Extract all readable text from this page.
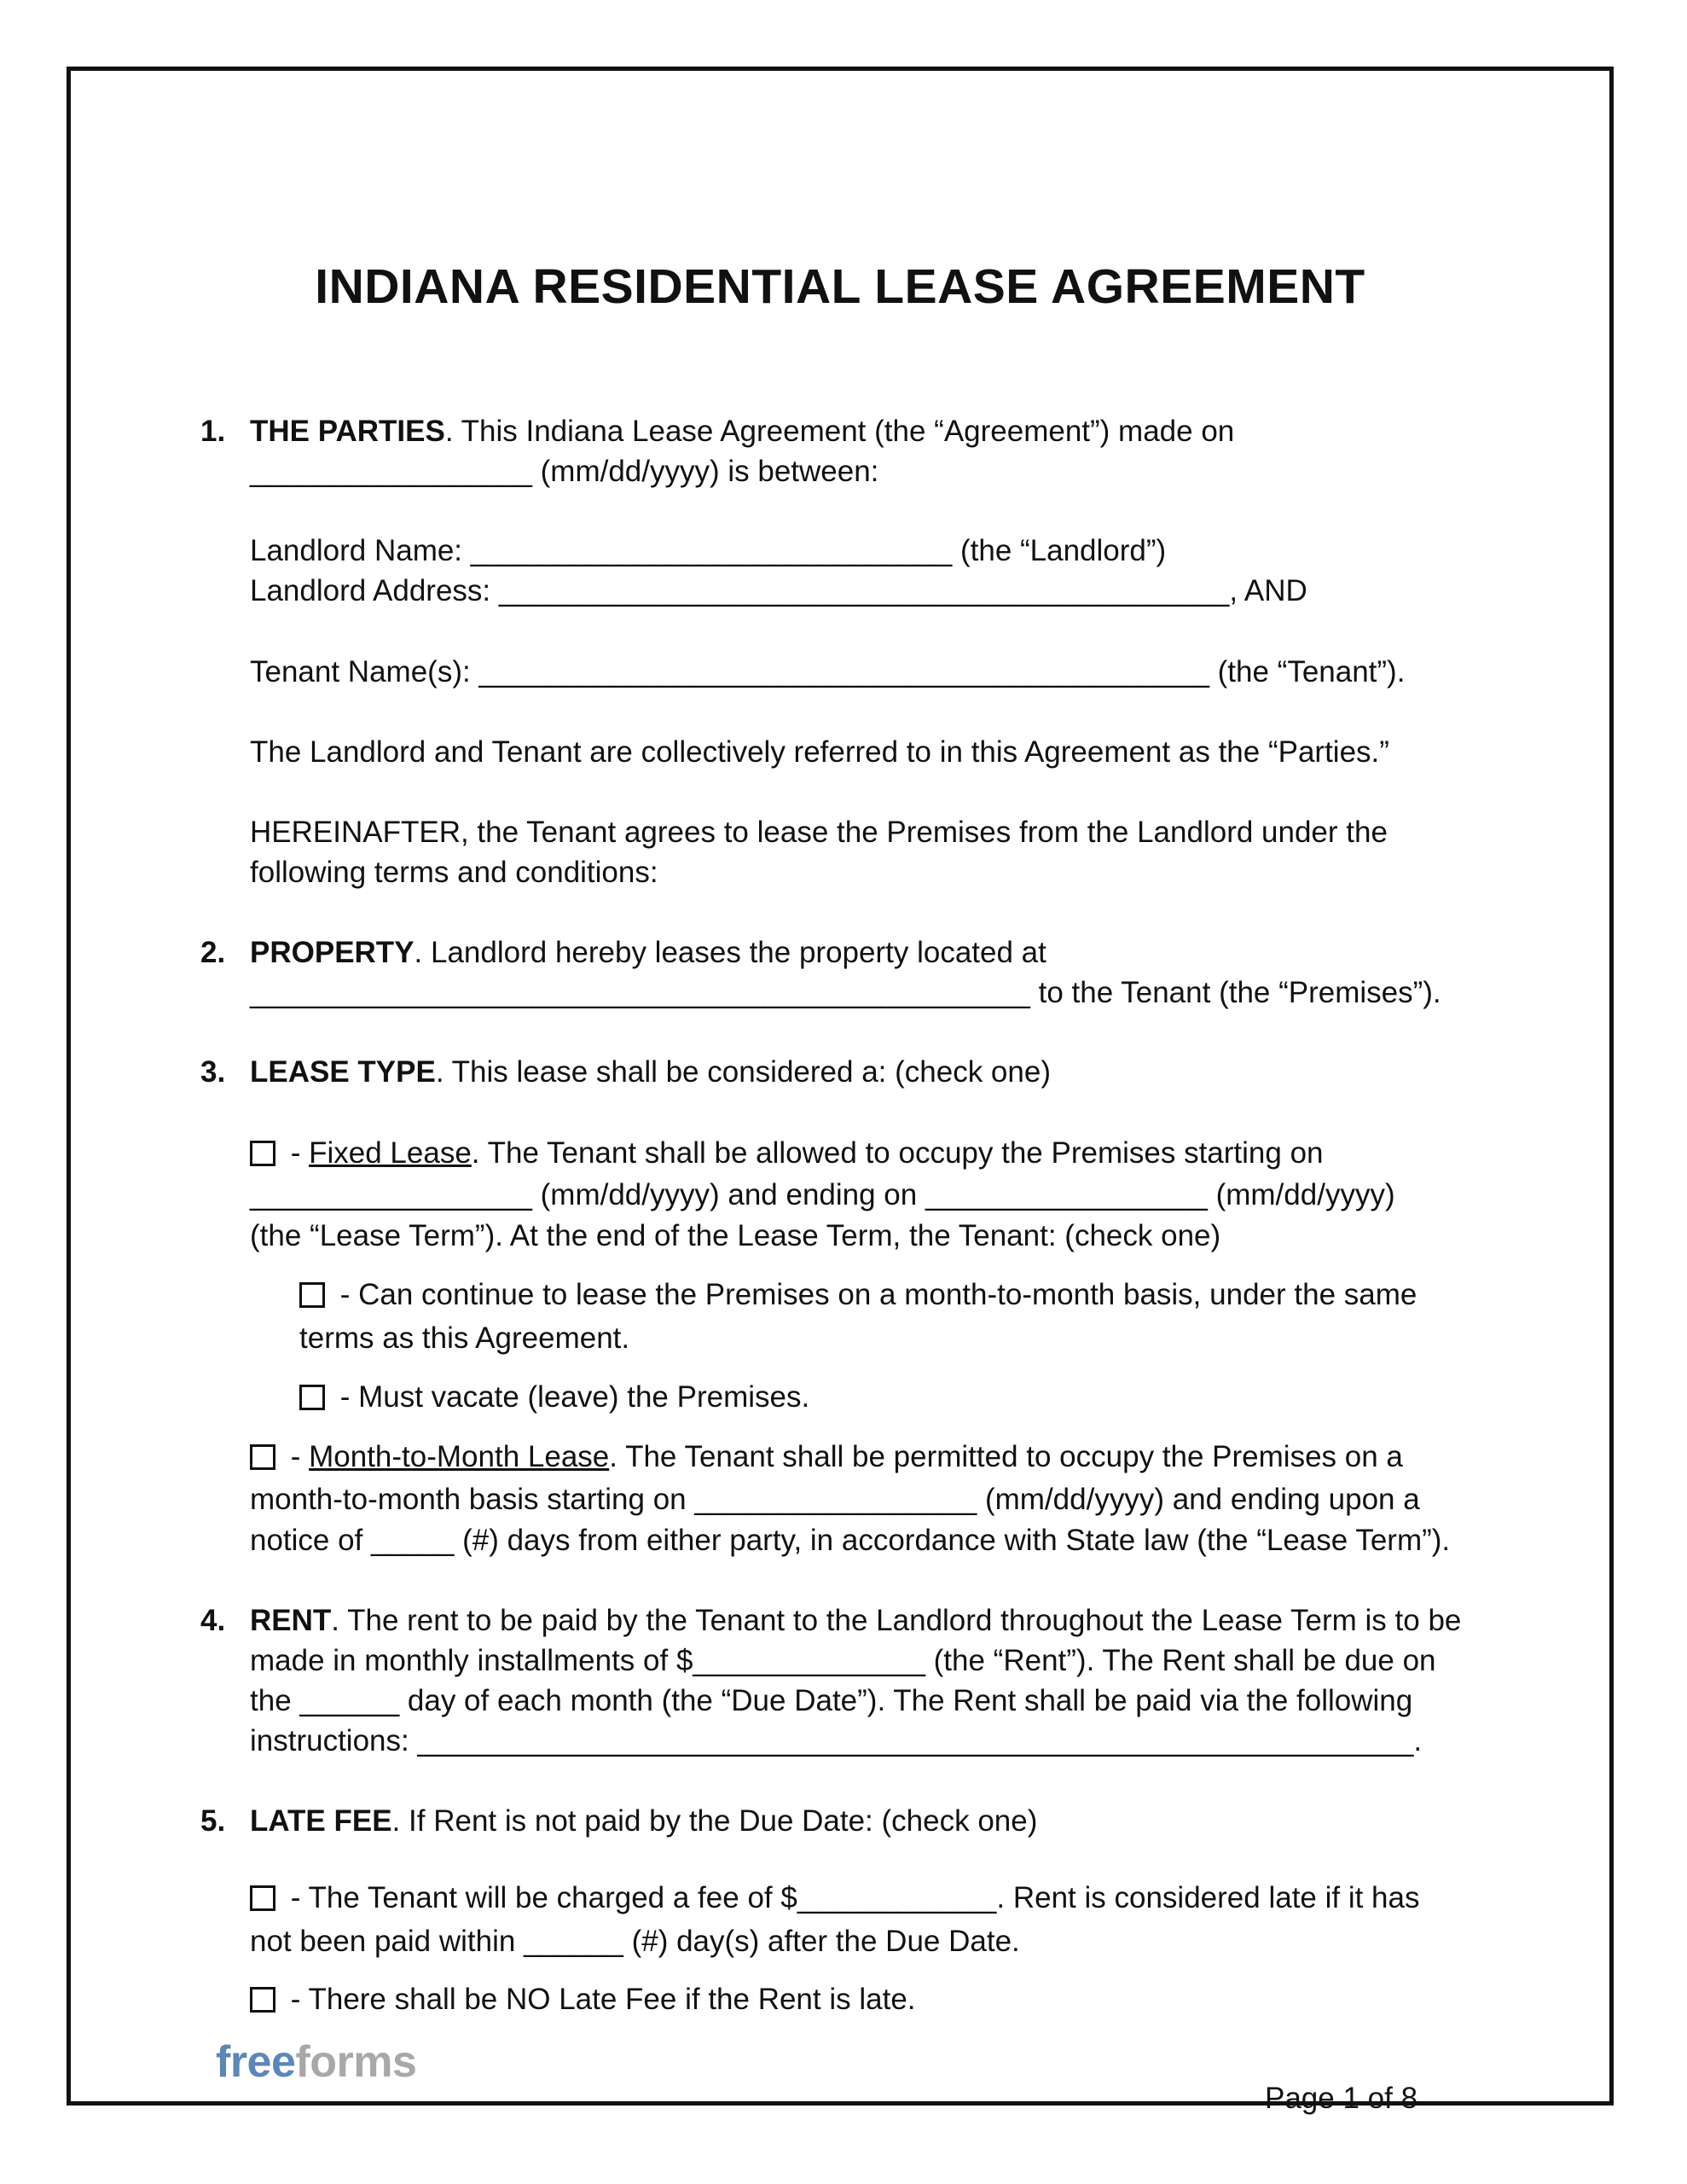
INDIANA RESIDENTIAL LEASE AGREEMENT
1. THE PARTIES. This Indiana Lease Agreement (the “Agreement”) made on
_________________ (mm/dd/yyyy) is between:
Landlord Name: _____________________________ (the “Landlord”)
Landlord Address: ____________________________________________, AND
Tenant Name(s): ____________________________________________ (the “Tenant”).
The Landlord and Tenant are collectively referred to in this Agreement as the “Parties.”
HEREINAFTER, the Tenant agrees to lease the Premises from the Landlord under the
following terms and conditions:
2. PROPERTY. Landlord hereby leases the property located at
_______________________________________________ to the Tenant (the “Premises”).
3. LEASE TYPE. This lease shall be considered a: (check one)
- Fixed Lease. The Tenant shall be allowed to occupy the Premises starting on
_________________ (mm/dd/yyyy) and ending on _________________ (mm/dd/yyyy)
(the “Lease Term”). At the end of the Lease Term, the Tenant: (check one)
- Can continue to lease the Premises on a month-to-month basis, under the same
terms as this Agreement.
- Must vacate (leave) the Premises.
- Month-to-Month Lease. The Tenant shall be permitted to occupy the Premises on a
month-to-month basis starting on _________________ (mm/dd/yyyy) and ending upon a
notice of _____ (#) days from either party, in accordance with State law (the “Lease Term”).
4. RENT. The rent to be paid by the Tenant to the Landlord throughout the Lease Term is to be
made in monthly installments of $______________ (the “Rent”). The Rent shall be due on
the ______ day of each month (the “Due Date”). The Rent shall be paid via the following
instructions: ____________________________________________________________.
5. LATE FEE. If Rent is not paid by the Due Date: (check one)
- The Tenant will be charged a fee of $____________. Rent is considered late if it has
not been paid within ______ (#) day(s) after the Due Date.
- There shall be NO Late Fee if the Rent is late.
freeforms
Page 1 of 8
